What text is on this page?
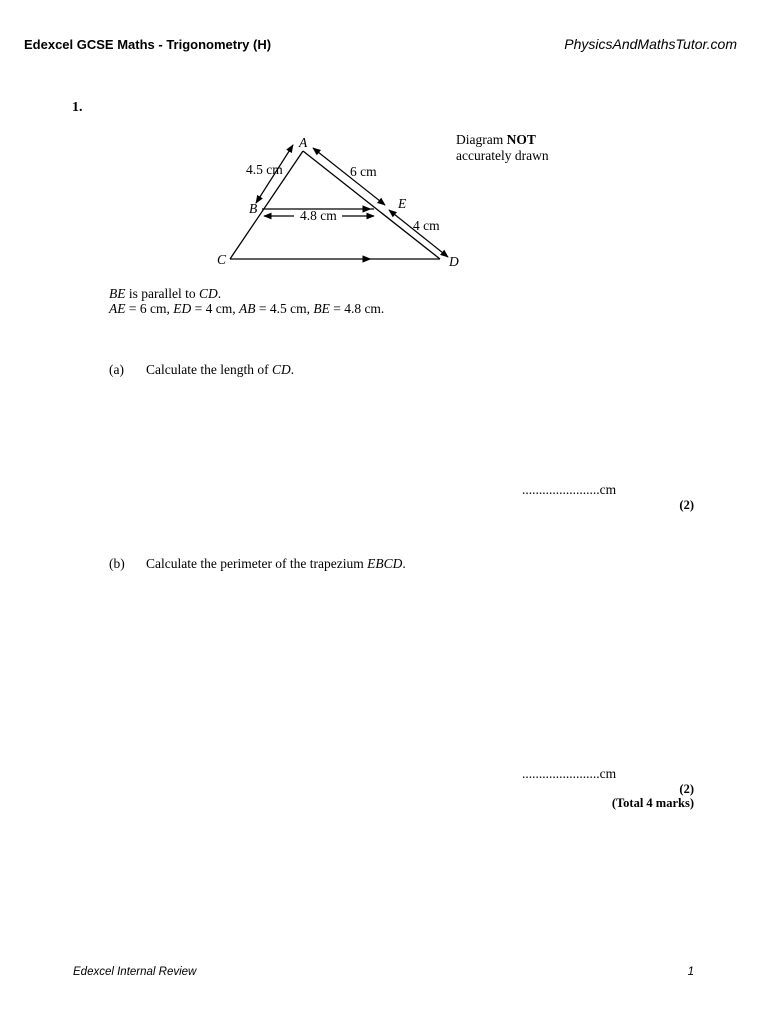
Edexcel GCSE Maths - Trigonometry (H)	PhysicsAndMathsTutor.com
1.
A
B
C	D
E
4.5 cm	6 cm
4.8 cm
4 cm
Diagram NOT
accurately drawn
BE is parallel to CD.
AE = 6 cm, ED = 4 cm, AB = 4.5 cm, BE = 4.8 cm.
(a) Calculate the length of CD.
.......................cm
(2)
(b) Calculate the perimeter of the trapezium EBCD.
.......................cm
(2)
(Total 4 marks)
Edexcel Internal Review	1
